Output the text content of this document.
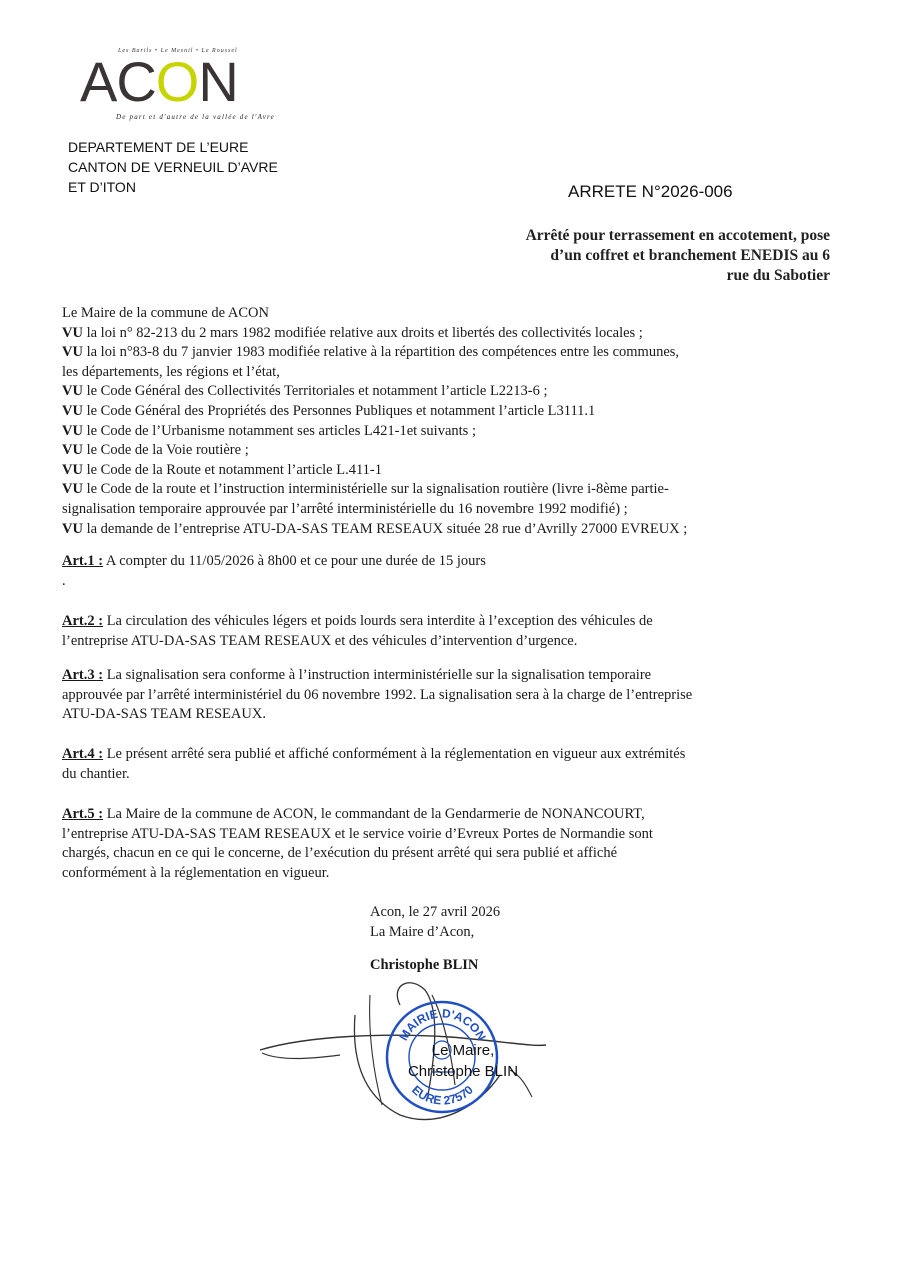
Les Barils • Le Mesnil • Le Roussel
ACON
De part et d'autre de la vallée de l'Avre
DEPARTEMENT DE L’EURE
CANTON DE VERNEUIL D’AVRE
ET D’ITON	ARRETE N°2026-006
Arrêté pour terrassement en accotement, pose
d’un coffret et branchement ENEDIS au 6
rue du Sabotier
Le Maire de la commune de ACON
VU la loi n° 82-213 du 2 mars 1982 modifiée relative aux droits et libertés des collectivités locales ;
VU la loi n°83-8 du 7 janvier 1983 modifiée relative à la répartition des compétences entre les communes,
les départements, les régions et l’état,
VU le Code Général des Collectivités Territoriales et notamment l’article L2213-6 ;
VU le Code Général des Propriétés des Personnes Publiques et notamment l’article L3111.1
VU le Code de l’Urbanisme notamment ses articles L421-1et suivants ;
VU le Code de la Voie routière ;
VU le Code de la Route et notamment l’article L.411-1
VU le Code de la route et l’instruction interministérielle sur la signalisation routière (livre i-8ème partie-
signalisation temporaire approuvée par l’arrêté interministérielle du 16 novembre 1992 modifié) ;
VU la demande de l’entreprise ATU-DA-SAS TEAM RESEAUX située 28 rue d’Avrilly 27000 EVREUX ;
Art.1 : A compter du 11/05/2026 à 8h00 et ce pour une durée de 15 jours
.
Art.2 : La circulation des véhicules légers et poids lourds sera interdite à l’exception des véhicules de
l’entreprise ATU-DA-SAS TEAM RESEAUX et des véhicules d’intervention d’urgence.
Art.3 : La signalisation sera conforme à l’instruction interministérielle sur la signalisation temporaire
approuvée par l’arrêté interministériel du 06 novembre 1992. La signalisation sera à la charge de l’entreprise
ATU-DA-SAS TEAM RESEAUX.
Art.4 : Le présent arrêté sera publié et affiché conformément à la réglementation en vigueur aux extrémités
du chantier.
Art.5 : La Maire de la commune de ACON, le commandant de la Gendarmerie de NONANCOURT,
l’entreprise ATU-DA-SAS TEAM RESEAUX et le service voirie d’Evreux Portes de Normandie sont
chargés, chacun en ce qui le concerne, de l’exécution du présent arrêté qui sera publié et affiché
conformément à la réglementation en vigueur.
Acon, le 27 avril 2026
La Maire d’Acon,
Christophe BLIN
MAIRIE D'ACON
EURE 27570
Le Maire,
Christophe BLIN
